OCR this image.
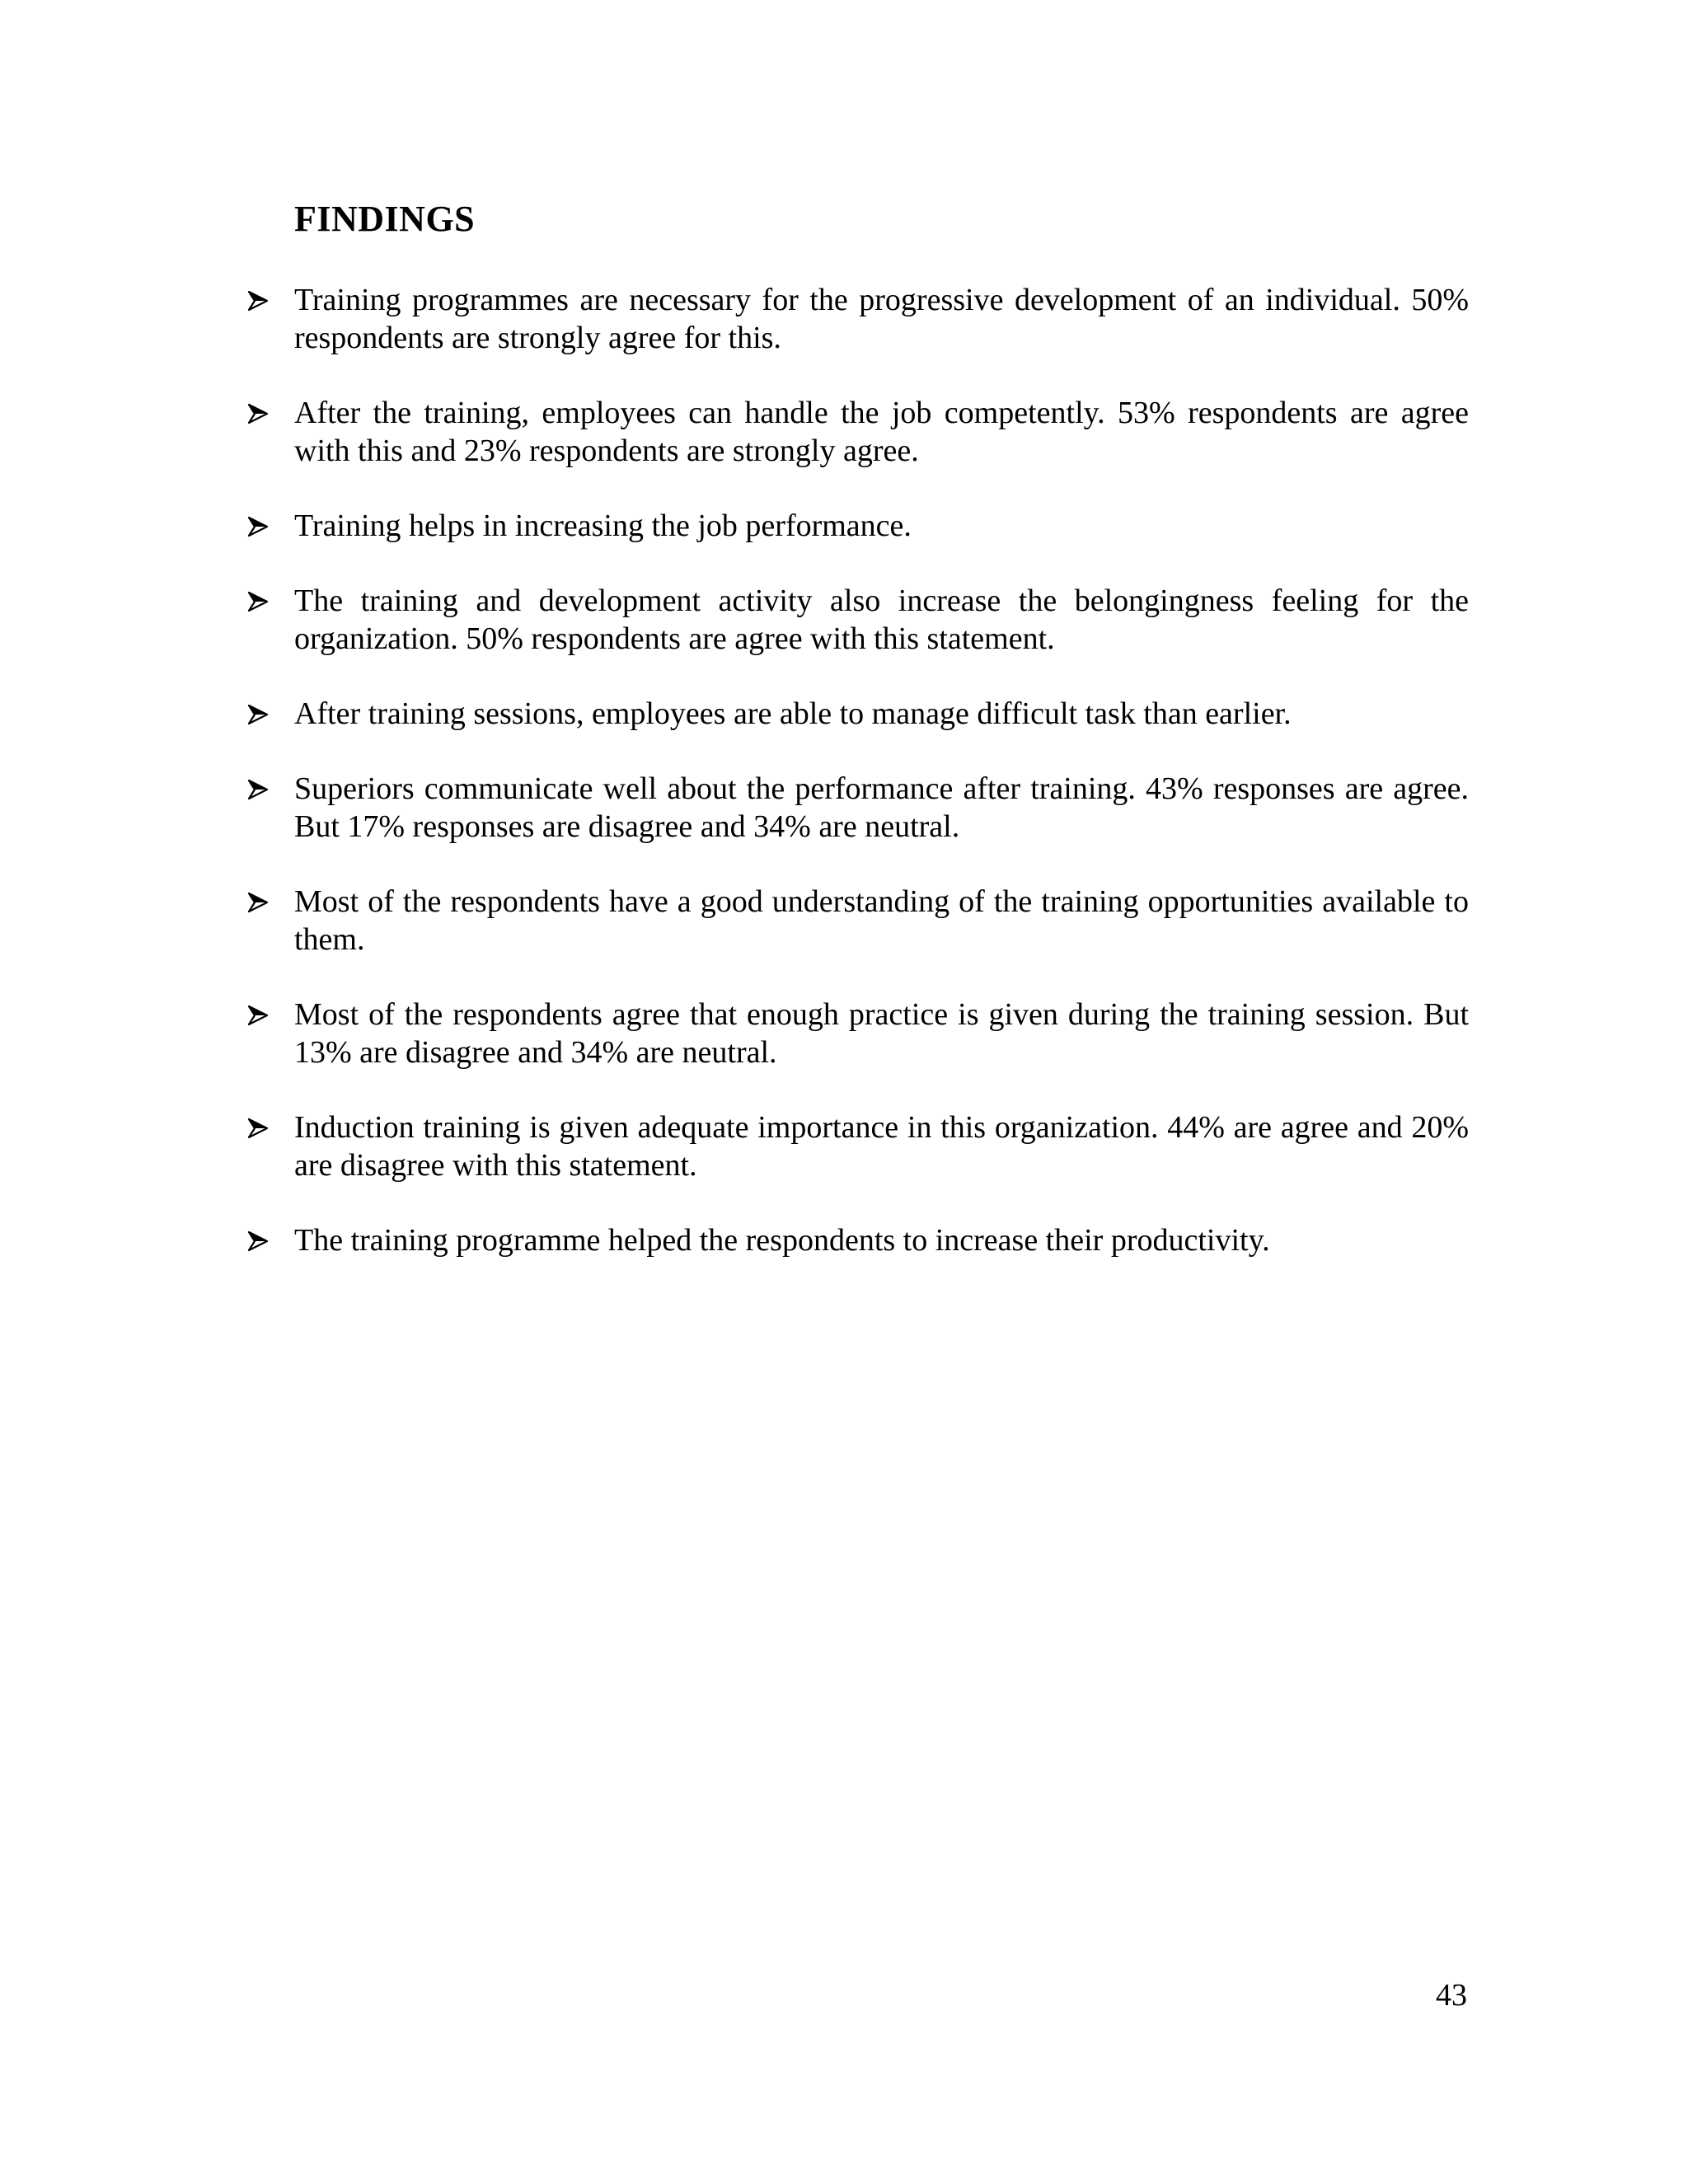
FINDINGS
Training programmes are necessary for the progressive development of an individual. 50% respondents are strongly agree for this.
After the training, employees can handle the job competently. 53% respondents are agree with this and 23% respondents are strongly agree.
Training helps in increasing the job performance.
The training and development activity also increase the belongingness feeling for the organization. 50% respondents are agree with this statement.
After training sessions, employees are able to manage difficult task than earlier.
Superiors communicate well about the performance after training. 43% responses are agree. But 17% responses are disagree and 34% are neutral.
Most of the respondents have a good understanding of the training opportunities available to them.
Most of the respondents agree that enough practice is given during the training session. But 13% are disagree and 34% are neutral.
Induction training is given adequate importance in this organization. 44% are agree and 20% are disagree with this statement.
The training programme helped the respondents to increase their productivity.
43
